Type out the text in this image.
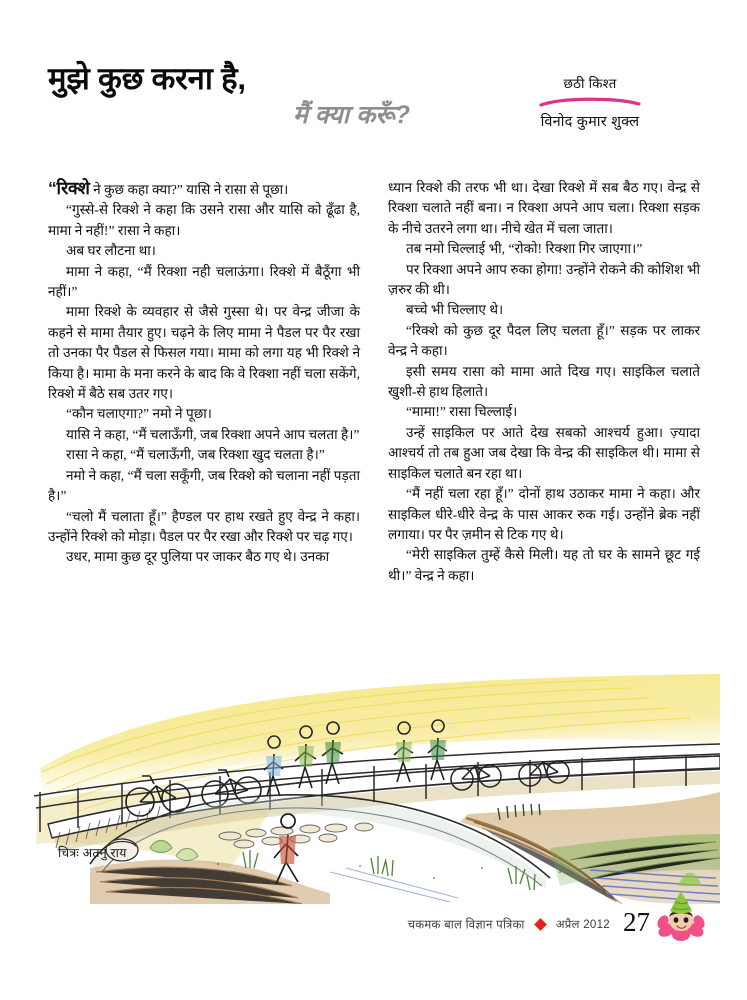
मुझे कुछ करना है,
मैं क्या करूँ?
छठी किश्त
विनोद कुमार शुक्ल

“रिक्शे ने कुछ कहा क्या?” यासि ने रासा से पूछा।

“गुस्से-से रिक्शे ने कहा कि उसने रासा और यासि को ढूँढा है, मामा ने नहीं!” रासा ने कहा।

अब घर लौटना था।

मामा ने कहा, “मैं रिक्शा नही चलाऊंगा। रिक्शे में बैठूँगा भी नहीं।”

मामा रिक्शे के व्यवहार से जैसे गुस्सा थे। पर वेन्द्र जीजा के कहने से मामा तैयार हुए। चढ़ने के लिए मामा ने पैडल पर पैर रखा तो उनका पैर पैडल से फिसल गया। मामा को लगा यह भी रिक्शे ने किया है। मामा के मना करने के बाद कि वे रिक्शा नहीं चला सकेंगे, रिक्शे में बैठे सब उतर गए।

“कौन चलाएगा?” नमो ने पूछा।

यासि ने कहा, “मैं चलाऊँगी, जब रिक्शा अपने आप चलता है।”

रासा ने कहा, “मैं चलाऊँगी, जब रिक्शा खुद चलता है।”

नमो ने कहा, “मैं चला सकूँगी, जब रिक्शे को चलाना नहीं पड़ता है।”

“चलो मैं चलाता हूँ।” हैण्डल पर हाथ रखते हुए वेन्द्र ने कहा। उन्होंने रिक्शे को मोड़ा। पैडल पर पैर रखा और रिक्शे पर चढ़ गए।

उधर, मामा कुछ दूर पुलिया पर जाकर बैठ गए थे। उनका

ध्यान रिक्शे की तरफ भी था। देखा रिक्शे में सब बैठ गए। वेन्द्र से रिक्शा चलाते नहीं बना। न रिक्शा अपने आप चला। रिक्शा सड़क के नीचे उतरने लगा था। नीचे खेत में चला जाता।

तब नमो चिल्लाई भी, “रोको! रिक्शा गिर जाएगा।”

पर रिक्शा अपने आप रुका होगा! उन्होंने रोकने की कोशिश भी ज़रुर की थी।

बच्चे भी चिल्लाए थे।

“रिक्शे को कुछ दूर पैदल लिए चलता हूँ।” सड़क पर लाकर वेन्द्र ने कहा।

इसी समय रासा को मामा आते दिख गए। साइकिल चलाते खुशी-से हाथ हिलाते।

“मामा!” रासा चिल्लाई।

उन्हें साइकिल पर आते देख सबको आश्चर्य हुआ। ज़्यादा आश्चर्य तो तब हुआ जब देखा कि वेन्द्र की साइकिल थी। मामा से साइकिल चलाते बन रहा था।

“मैं नहीं चला रहा हूँ।” दोनों हाथ उठाकर मामा ने कहा। और साइकिल धीरे-धीरे वेन्द्र के पास आकर रुक गई। उन्होंने ब्रेक नहीं लगाया। पर पैर ज़मीन से टिक गए थे।

“मेरी साइकिल तुम्हें कैसे मिली। यह तो घर के सामने छूट गई थी।” वेन्द्र ने कहा।

चित्रः अतनु राय
चकमक बाल विज्ञान पत्रिका	अप्रैल 2012 27
